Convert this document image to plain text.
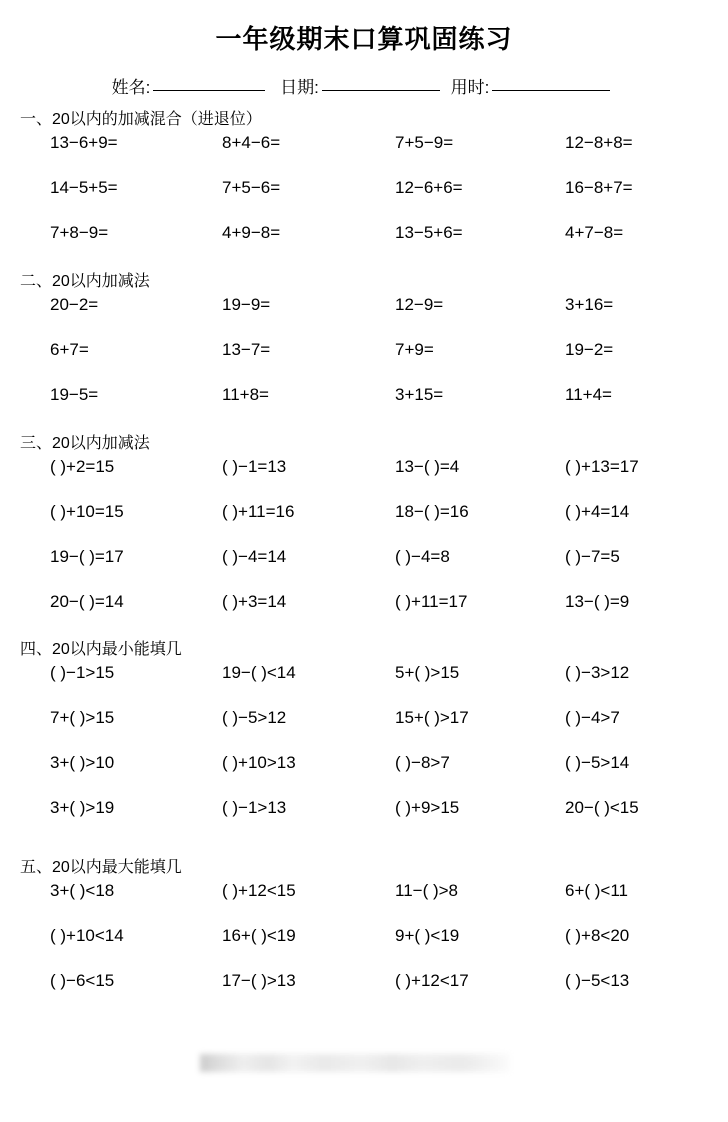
一年级期末口算巩固练习
姓名:	日期:	用时:
一、20以内的加减混合（进退位）
13−6+9=	8+4−6=	7+5−9=	12−8+8=
14−5+5=	7+5−6=	12−6+6=	16−8+7=
7+8−9=	4+9−8=	13−5+6=	4+7−8=
二、20以内加减法
20−2=	19−9=	12−9=	3+16=
6+7=	13−7=	7+9=	19−2=
19−5=	11+8=	3+15=	11+4=
三、20以内加减法
( )+2=15	( )−1=13	13−( )=4	( )+13=17
( )+10=15	( )+11=16	18−( )=16	( )+4=14
19−( )=17	( )−4=14	( )−4=8	( )−7=5
20−( )=14	( )+3=14	( )+11=17	13−( )=9
四、20以内最小能填几
( )−1>15	19−( )<14	5+( )>15	( )−3>12
7+( )>15	( )−5>12	15+( )>17	( )−4>7
3+( )>10	( )+10>13	( )−8>7	( )−5>14
3+( )>19	( )−1>13	( )+9>15	20−( )<15
五、20以内最大能填几
3+( )<18	( )+12<15	11−( )>8	6+( )<11
( )+10<14	16+( )<19	9+( )<19	( )+8<20
( )−6<15	17−( )>13	( )+12<17	( )−5<13
